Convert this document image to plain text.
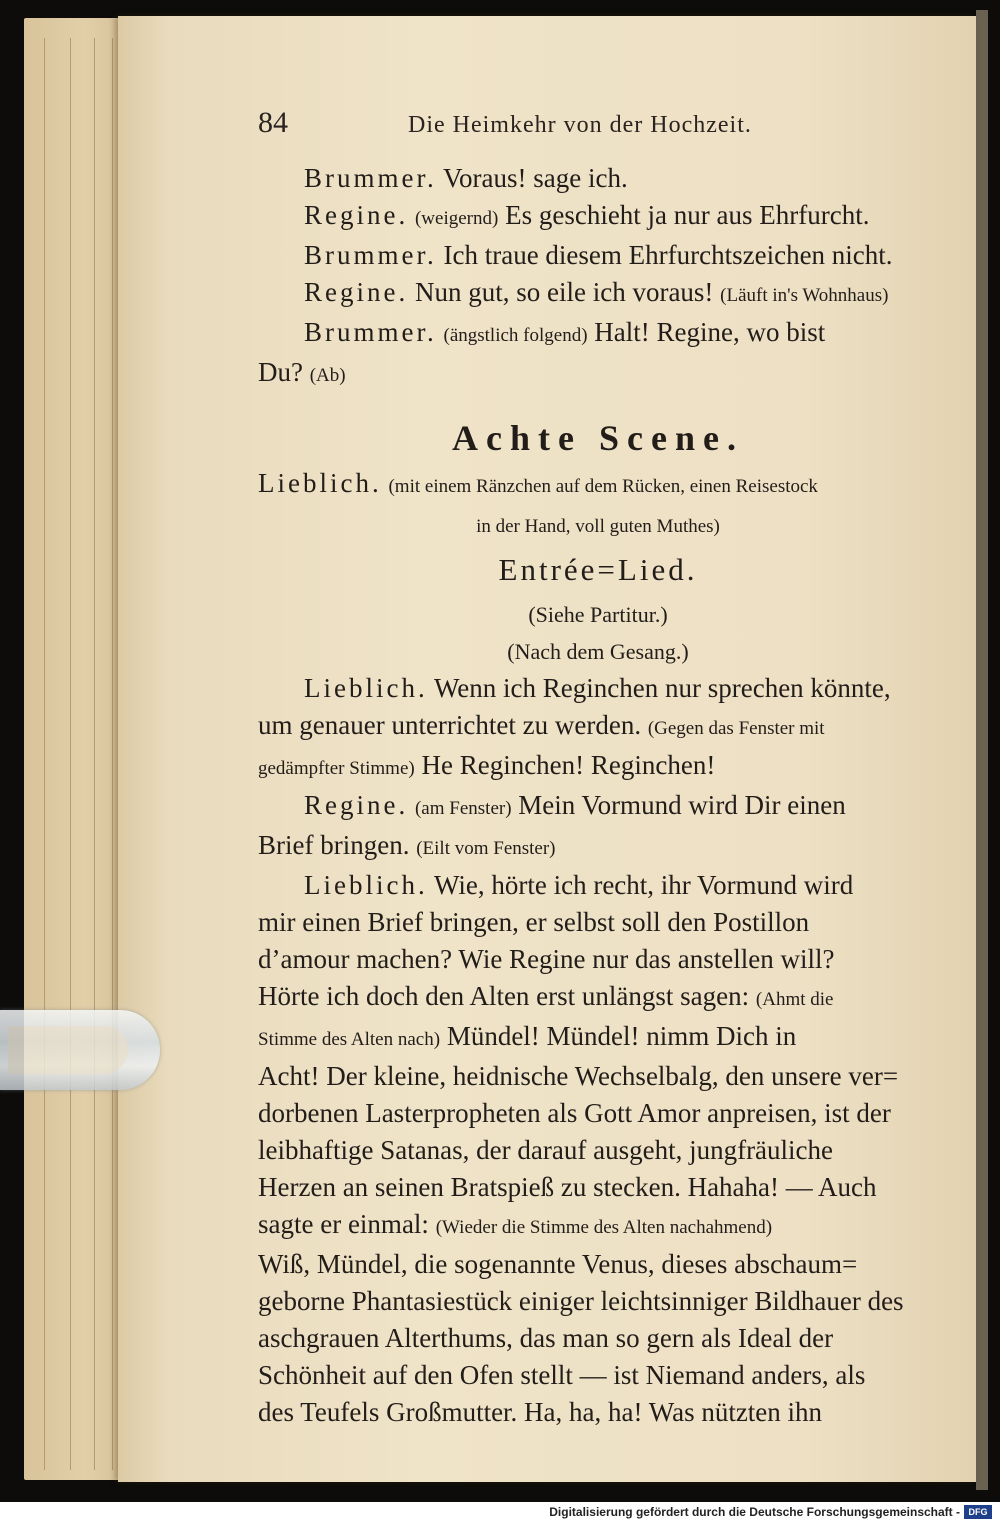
84	Die Heimkehr von der Hochzeit.
Brummer. Voraus! sage ich.
Regine. (weigernd) Es geschieht ja nur aus Ehrfurcht.
Brummer. Ich traue diesem Ehrfurchtszeichen nicht.
Regine. Nun gut, so eile ich voraus! (Läuft in's Wohnhaus)
Brummer. (ängstlich folgend) Halt! Regine, wo bist
Du? (Ab)
Achte Scene.
Lieblich. (mit einem Ränzchen auf dem Rücken, einen Reisestock
in der Hand, voll guten Muthes)
Entrée=Lied.
(Siehe Partitur.)
(Nach dem Gesang.)
Lieblich. Wenn ich Reginchen nur sprechen könnte,
um genauer unterrichtet zu werden. (Gegen das Fenster mit
gedämpfter Stimme) He Reginchen! Reginchen!
Regine. (am Fenster) Mein Vormund wird Dir einen
Brief bringen. (Eilt vom Fenster)
Lieblich. Wie, hörte ich recht, ihr Vormund wird
mir einen Brief bringen, er selbst soll den Postillon
d’amour machen? Wie Regine nur das anstellen will?
Hörte ich doch den Alten erst unlängst sagen: (Ahmt die
Stimme des Alten nach) Mündel! Mündel! nimm Dich in
Acht! Der kleine, heidnische Wechselbalg, den unsere ver=
dorbenen Lasterpropheten als Gott Amor anpreisen, ist der
leibhaftige Satanas, der darauf ausgeht, jungfräuliche
Herzen an seinen Bratspieß zu stecken. Hahaha! — Auch
sagte er einmal: (Wieder die Stimme des Alten nachahmend)
Wiß, Mündel, die sogenannte Venus, dieses abschaum=
geborne Phantasiestück einiger leichtsinniger Bildhauer des
aschgrauen Alterthums, das man so gern als Ideal der
Schönheit auf den Ofen stellt — ist Niemand anders, als
des Teufels Großmutter. Ha, ha, ha! Was nützten ihn
Digitalisierung gefördert durch die Deutsche Forschungsgemeinschaft - DFG
